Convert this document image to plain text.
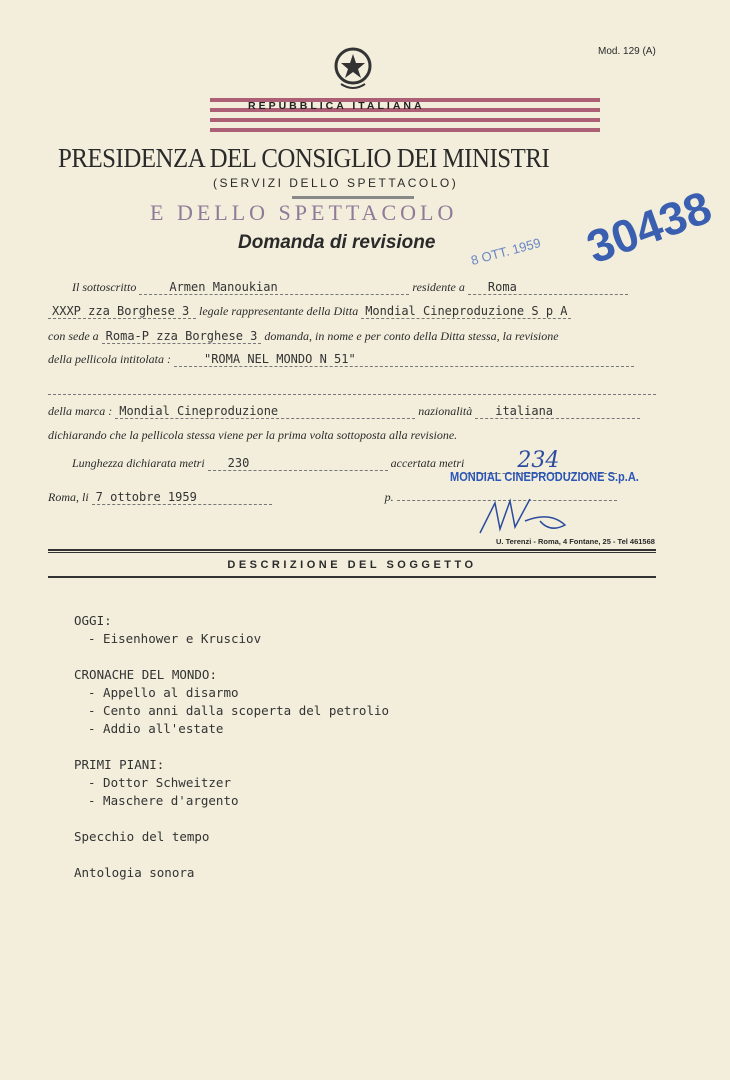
Mod. 129 (A)
REPUBBLICA ITALIANA
PRESIDENZA DEL CONSIGLIO DEI MINISTRI
(SERVIZI DELLO SPETTACOLO)
E DELLO SPETTACOLO
Domanda di revisione	30438
8 OTT. 1959
Il sottoscritto	Armen Manoukian	residente a Roma
XXXP zza Borghese 3 legale rappresentante della Ditta Mondial Cineproduzione S p A
con sede a Roma-P zza Borghese 3 domanda, in nome e per conto della Ditta stessa, la revisione
della pellicola intitolata :	"ROMA NEL MONDO N 51"
della marca : Mondial Cineproduzione	nazionalità italiana
dichiarando che la pellicola stessa viene per la prima volta sottoposta alla revisione.
Lunghezza dichiarata metri 230	accertata metri 234
MONDIAL CINEPRODUZIONE S.p.A.
Roma, li 7 ottobre 1959	p.
U. Terenzi - Roma, 4 Fontane, 25 - Tel 461568
DESCRIZIONE DEL SOGGETTO
OGGI:
- Eisenhower e Krusciov
CRONACHE DEL MONDO:
- Appello al disarmo
- Cento anni dalla scoperta del petrolio
- Addio all'estate
PRIMI PIANI:
- Dottor Schweitzer
- Maschere d'argento
Specchio del tempo
Antologia sonora
